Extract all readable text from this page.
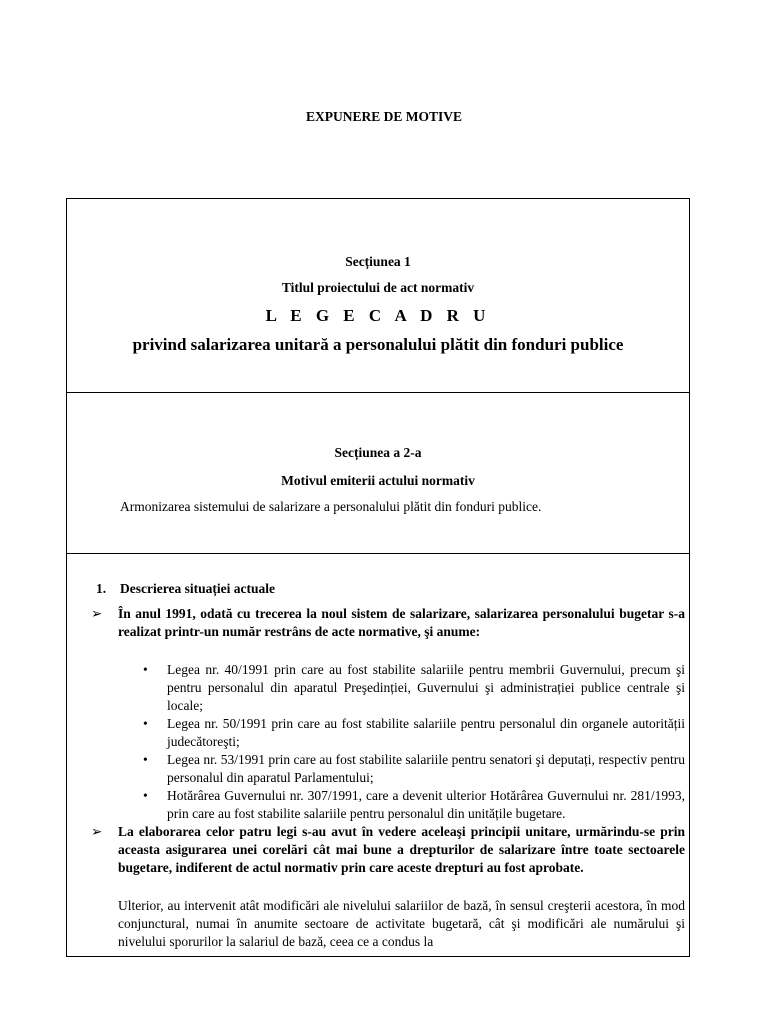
EXPUNERE DE MOTIVE
Secțiunea 1
Titlul proiectului de act normativ
L E G E C A D R U
privind salarizarea unitară a personalului plătit din fonduri publice
Secțiunea a 2-a
Motivul emiterii actului normativ
Armonizarea sistemului de salarizare a personalului plătit din fonduri publice.
1. Descrierea situației actuale
➢ În anul 1991, odată cu trecerea la noul sistem de salarizare, salarizarea personalului bugetar s-a realizat printr-un număr restrâns de acte normative, şi anume:
• Legea nr. 40/1991 prin care au fost stabilite salariile pentru membrii Guvernului, precum şi pentru personalul din aparatul Preşedinției, Guvernului şi administrației publice centrale şi locale;
• Legea nr. 50/1991 prin care au fost stabilite salariile pentru personalul din organele autorității judecătoreşti;
• Legea nr. 53/1991 prin care au fost stabilite salariile pentru senatori şi deputați, respectiv pentru personalul din aparatul Parlamentului;
• Hotărârea Guvernului nr. 307/1991, care a devenit ulterior Hotărârea Guvernului nr. 281/1993, prin care au fost stabilite salariile pentru personalul din unitățile bugetare.
➢ La elaborarea celor patru legi s-au avut în vedere aceleaşi principii unitare, urmărindu-se prin aceasta asigurarea unei corelări cât mai bune a drepturilor de salarizare între toate sectoarele bugetare, indiferent de actul normativ prin care aceste drepturi au fost aprobate.
Ulterior, au intervenit atât modificări ale nivelului salariilor de bază, în sensul creşterii acestora, în mod conjunctural, numai în anumite sectoare de activitate bugetară, cât şi modificări ale numărului şi nivelului sporurilor la salariul de bază, ceea ce a condus la
